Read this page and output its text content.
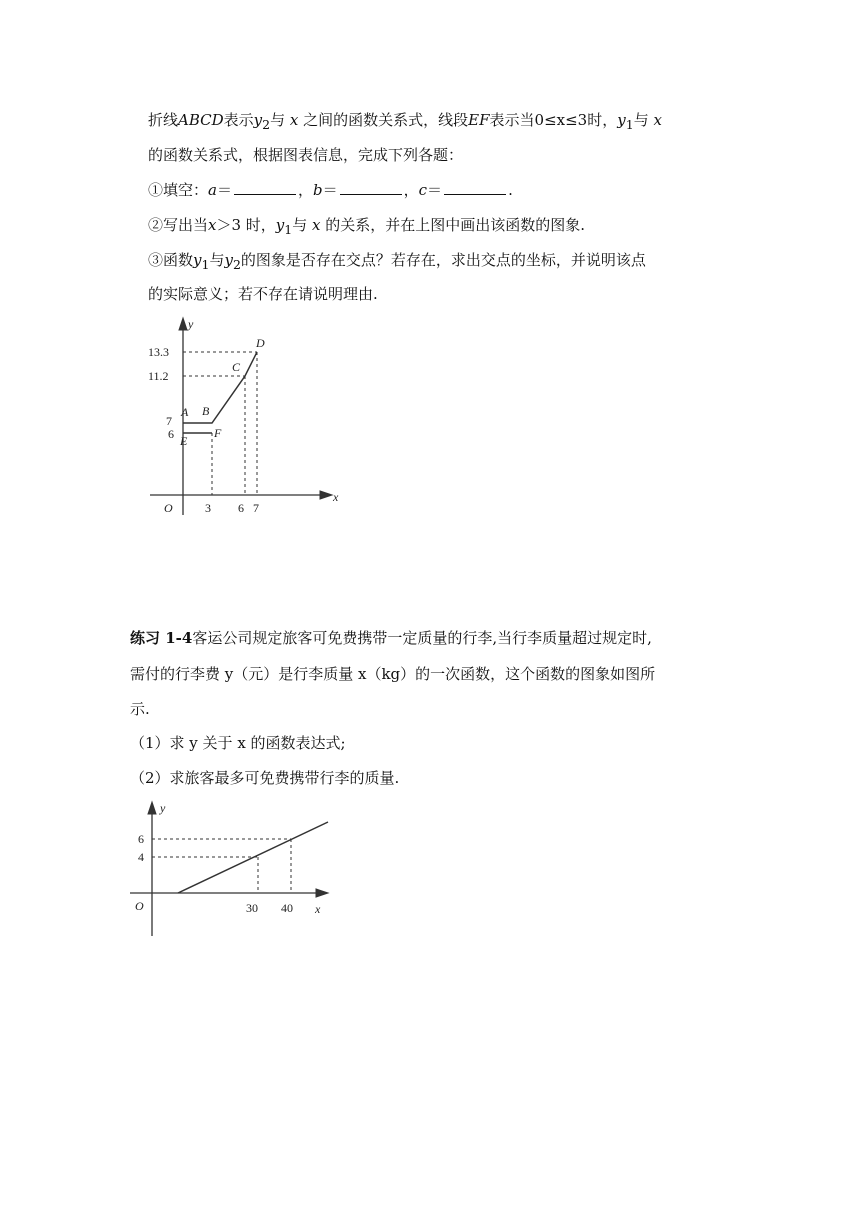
折线ABCD表示$y_2$与 x 之间的函数关系式，线段EF表示当0≤x≤3时，$y_1$与 x
的函数关系式，根据图表信息，完成下列各题：
①填空：a＝	，b＝	，c＝	.
②写出当x＞3 时，$y_1$与 x 的关系，并在上图中画出该函数的图象.
③函数$y_1$与$y_2$的图象是否存在交点？若存在，求出交点的坐标，并说明该点
的实际意义；若不存在请说明理由.
y
x
O
13.3
11.2
7
6
3 6 7
A B
C
D
E
F
练习 1-4客运公司规定旅客可免费携带一定质量的行李,当行李质量超过规定时,
需付的行李费 y（元）是行李质量 x（kg）的一次函数，这个函数的图象如图所
示.
（1）求 y 关于 x 的函数表达式;
（2）求旅客最多可免费携带行李的质量.
y
x
O
6
4
30 40
